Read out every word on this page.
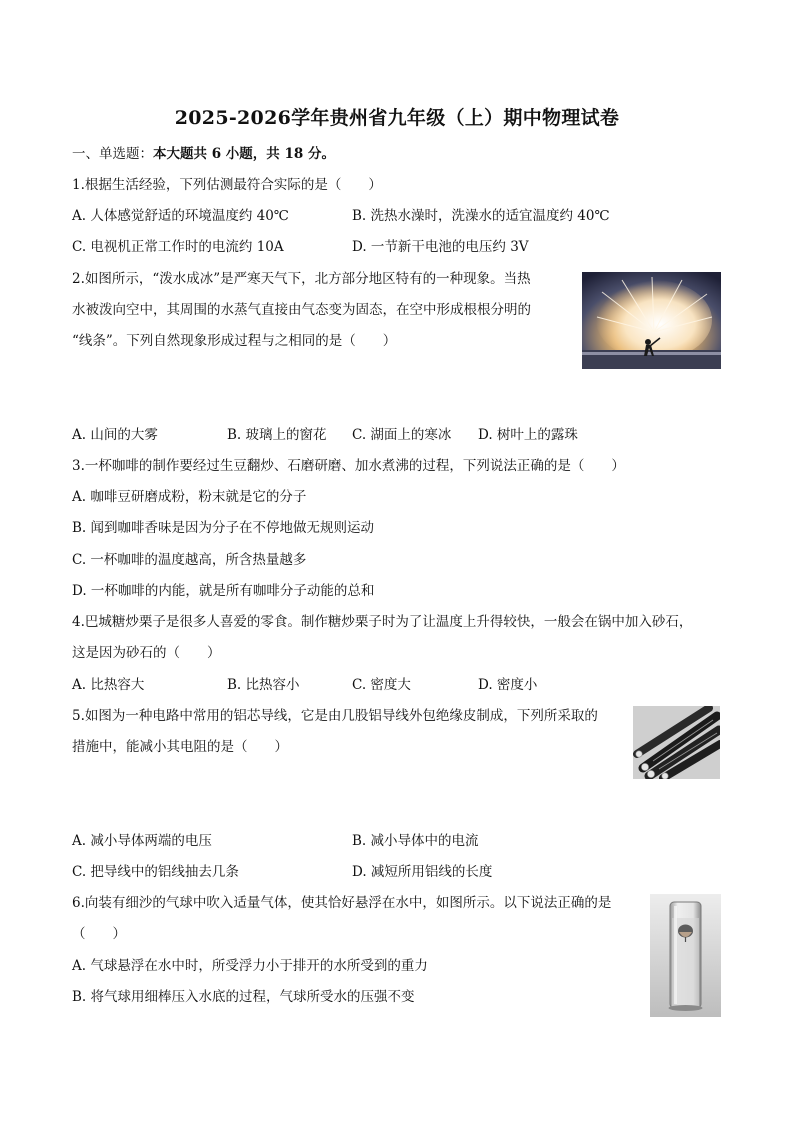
2025-2026学年贵州省九年级（上）期中物理试卷
一、单选题：本大题共 6 小题，共 18 分。
1.根据生活经验，下列估测最符合实际的是（　　）
A. 人体感觉舒适的环境温度约 40℃	B. 洗热水澡时，洗澡水的适宜温度约 40℃
C. 电视机正常工作时的电流约 10A	D. 一节新干电池的电压约 3V
2.如图所示，“泼水成冰”是严寒天气下，北方部分地区特有的一种现象。当热
水被泼向空中，其周围的水蒸气直接由气态变为固态，在空中形成根根分明的
“线条”。下列自然现象形成过程与之相同的是（　　）
A. 山间的大雾	B. 玻璃上的窗花 C. 湖面上的寒冰 D. 树叶上的露珠
3.一杯咖啡的制作要经过生豆翻炒、石磨研磨、加水煮沸的过程，下列说法正确的是（　　）
A. 咖啡豆研磨成粉，粉末就是它的分子
B. 闻到咖啡香味是因为分子在不停地做无规则运动
C. 一杯咖啡的温度越高，所含热量越多
D. 一杯咖啡的内能，就是所有咖啡分子动能的总和
4.巴城糖炒栗子是很多人喜爱的零食。制作糖炒栗子时为了让温度上升得较快，一般会在锅中加入砂石，
这是因为砂石的（　　）
A. 比热容大	B. 比热容小	C. 密度大	D. 密度小
5.如图为一种电路中常用的铝芯导线，它是由几股铝导线外包绝缘皮制成，下列所采取的
措施中，能减小其电阻的是（　　）
A. 减小导体两端的电压	B. 减小导体中的电流
C. 把导线中的铝线抽去几条	D. 减短所用铝线的长度
6.向装有细沙的气球中吹入适量气体，使其恰好悬浮在水中，如图所示。以下说法正确的是
（　　）
A. 气球悬浮在水中时，所受浮力小于排开的水所受到的重力
B. 将气球用细棒压入水底的过程，气球所受水的压强不变
